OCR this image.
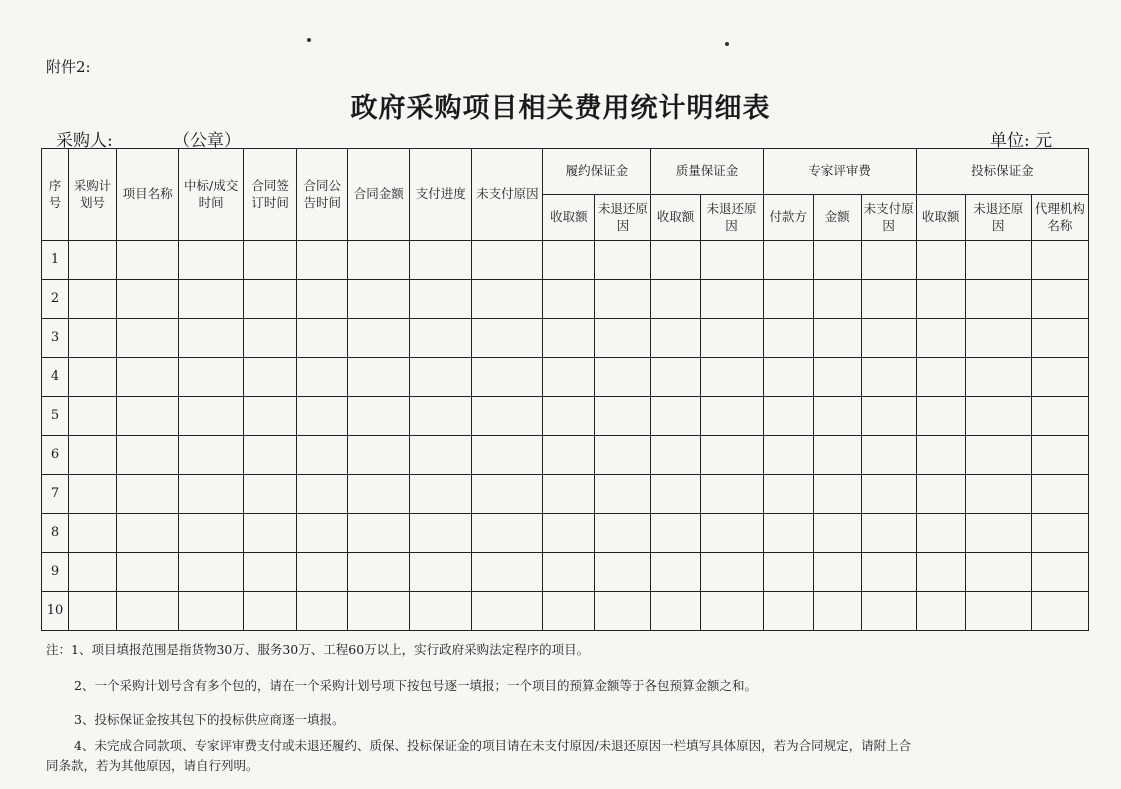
附件2:
政府采购项目相关费用统计明细表
采购人:	（公章）	单位: 元
序号	采购计划号	项目名称	中标/成交时间	合同签订时间	合同公告时间	合同金额	支付进度	未支付原因	履约保证金		质量保证金		专家评审费			投标保证金		
									收取额	未退还原因	收取额	未退还原因	付款方	金额	未支付原因	收取额	未退还原因	代理机构名称
1																		
2																		
3																		
4																		
5																		
6																		
7																		
8																		
9																		
10																		
注：1、项目填报范围是指货物30万、服务30万、工程60万以上，实行政府采购法定程序的项目。
2、一个采购计划号含有多个包的，请在一个采购计划号项下按包号逐一填报；一个项目的预算金额等于各包预算金额之和。
3、投标保证金按其包下的投标供应商逐一填报。
4、未完成合同款项、专家评审费支付或未退还履约、质保、投标保证金的项目请在未支付原因/未退还原因一栏填写具体原因，若为合同规定，请附上合
同条款，若为其他原因，请自行列明。
